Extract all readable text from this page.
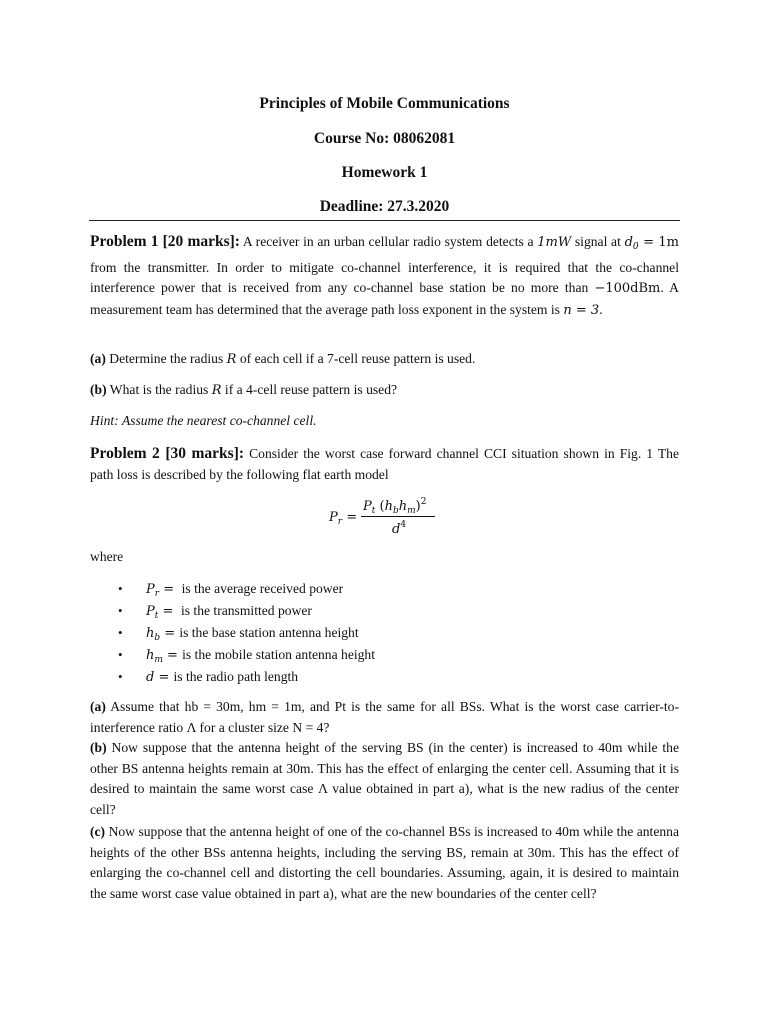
Principles of Mobile Communications
Course No: 08062081
Homework 1
Deadline: 27.3.2020
Problem 1 [20 marks]: A receiver in an urban cellular radio system detects a 1mW signal at $d_0 = 1m$ from the transmitter. In order to mitigate co-channel interference, it is required that the co-channel interference power that is received from any co-channel base station be no more than −100dBm. A measurement team has determined that the average path loss exponent in the system is n = 3.
(a) Determine the radius R of each cell if a 7-cell reuse pattern is used.
(b) What is the radius R if a 4-cell reuse pattern is used?
Hint: Assume the nearest co-channel cell.
Problem 2 [30 marks]: Consider the worst case forward channel CCI situation shown in Fig. 1 The path loss is described by the following flat earth model
$P_r$ =
$P_t$ $(h_bh_m)^2$
$d^4$
where
• $P_r$ =  is the average received power
• $P_t$ =  is the transmitted power
• $h_b$ = is the base station antenna height
• $h_m$ = is the mobile station antenna height
• d = is the radio path length
(a) Assume that hb = 30m, hm = 1m, and Pt is the same for all BSs. What is the worst case carrier-to-interference ratio Λ for a cluster size N = 4?
(b) Now suppose that the antenna height of the serving BS (in the center) is increased to 40m while the other BS antenna heights remain at 30m. This has the effect of enlarging the center cell. Assuming that it is desired to maintain the same worst case Λ value obtained in part a), what is the new radius of the center cell?
(c) Now suppose that the antenna height of one of the co-channel BSs is increased to 40m while the antenna heights of the other BSs antenna heights, including the serving BS, remain at 30m. This has the effect of enlarging the co-channel cell and distorting the cell boundaries. Assuming, again, it is desired to maintain the same worst case value obtained in part a), what are the new boundaries of the center cell?
